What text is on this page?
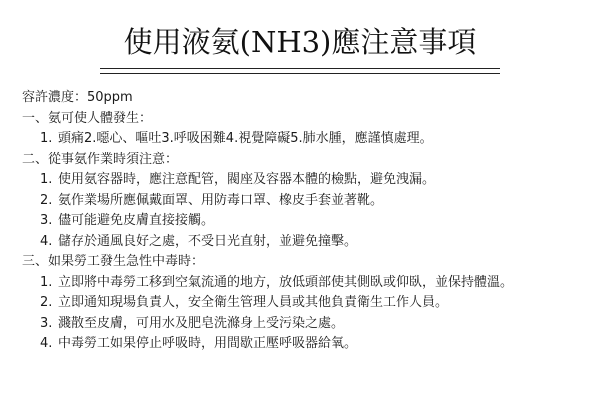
使用液氨(NH3)應注意事項
容許濃度：50ppm
一、氨可使人體發生：
1. 頭痛2.噁心、嘔吐3.呼吸困難4.視覺障礙5.肺水腫，應謹慎處理。
二、從事氨作業時須注意：
1. 使用氨容器時，應注意配管，閥座及容器本體的檢點，避免洩漏。
2. 氨作業場所應佩戴面罩、用防毒口罩、橡皮手套並著靴。
3. 儘可能避免皮膚直接接觸。
4. 儲存於通風良好之處，不受日光直射，並避免撞擊。
三、如果勞工發生急性中毒時：
1. 立即將中毒勞工移到空氣流通的地方，放低頭部使其側臥或仰臥，並保持體溫。
2. 立即通知現場負責人，安全衛生管理人員或其他負責衛生工作人員。
3. 濺散至皮膚，可用水及肥皂洗滌身上受污染之處。
4. 中毒勞工如果停止呼吸時，用間歇正壓呼吸器給氧。
